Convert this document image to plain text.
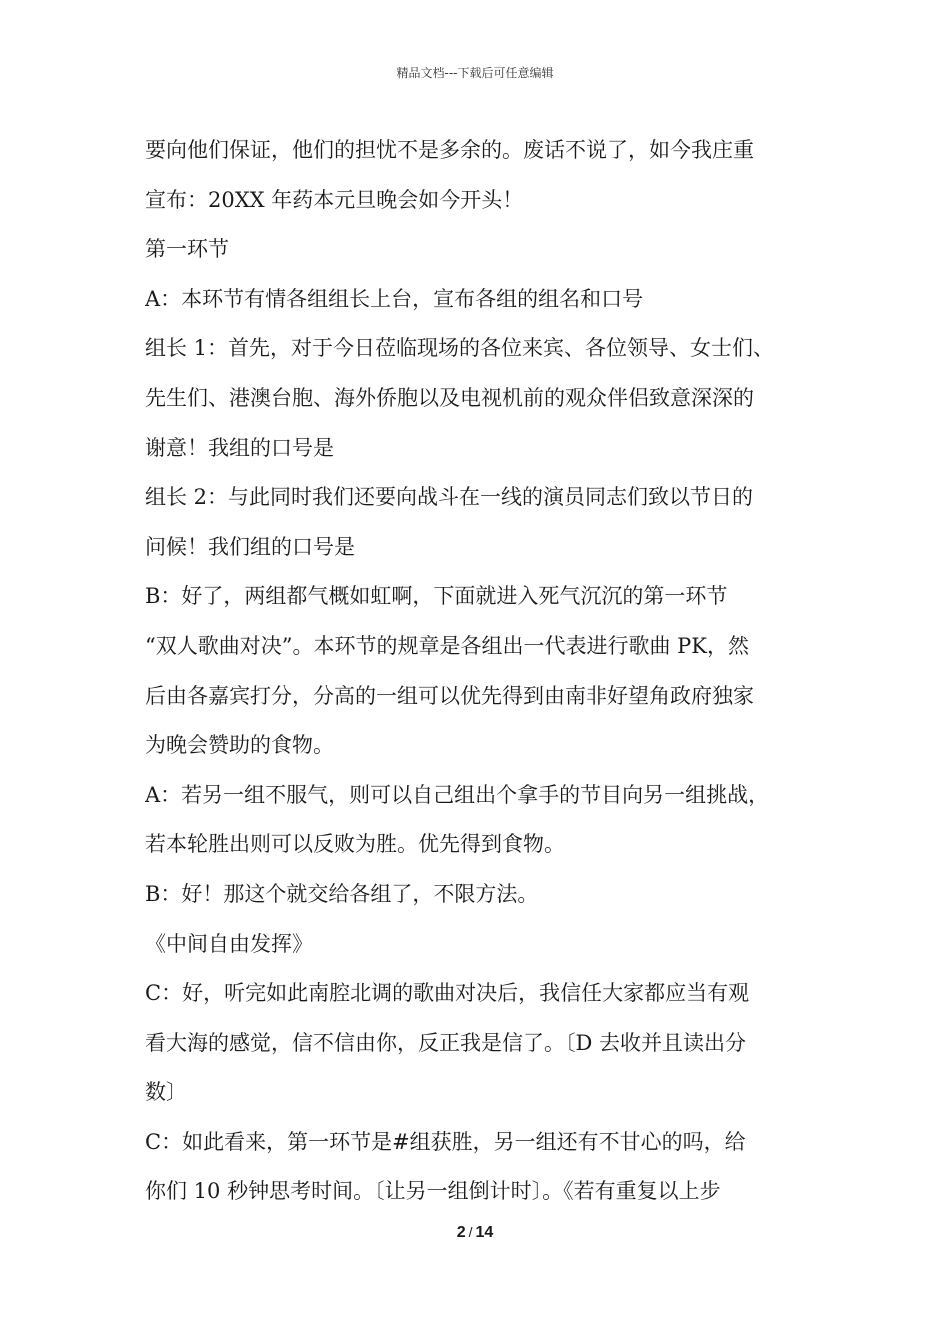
精品文档---下载后可任意编辑

要向他们保证，他们的担忧不是多余的。废话不说了，如今我庄重

宣布：20XX 年药本元旦晚会如今开头！

第一环节

A：本环节有情各组组长上台，宣布各组的组名和口号

组长 1：首先，对于今日莅临现场的各位来宾、各位领导、女士们、

先生们、港澳台胞、海外侨胞以及电视机前的观众伴侣致意深深的

谢意！我组的口号是

组长 2：与此同时我们还要向战斗在一线的演员同志们致以节日的

问候！我们组的口号是

B：好了，两组都气概如虹啊，下面就进入死气沉沉的第一环节

“双人歌曲对决”。本环节的规章是各组出一代表进行歌曲 PK，然

后由各嘉宾打分，分高的一组可以优先得到由南非好望角政府独家

为晚会赞助的食物。

A：若另一组不服气，则可以自己组出个拿手的节目向另一组挑战，

若本轮胜出则可以反败为胜。优先得到食物。

B：好！那这个就交给各组了，不限方法。

《中间自由发挥》

C：好，听完如此南腔北调的歌曲对决后，我信任大家都应当有观

看大海的感觉，信不信由你，反正我是信了。〔D 去收并且读出分

数〕

C：如此看来，第一环节是#组获胜，另一组还有不甘心的吗，给

你们 10 秒钟思考时间。〔让另一组倒计时〕。《若有重复以上步

2 / 14
